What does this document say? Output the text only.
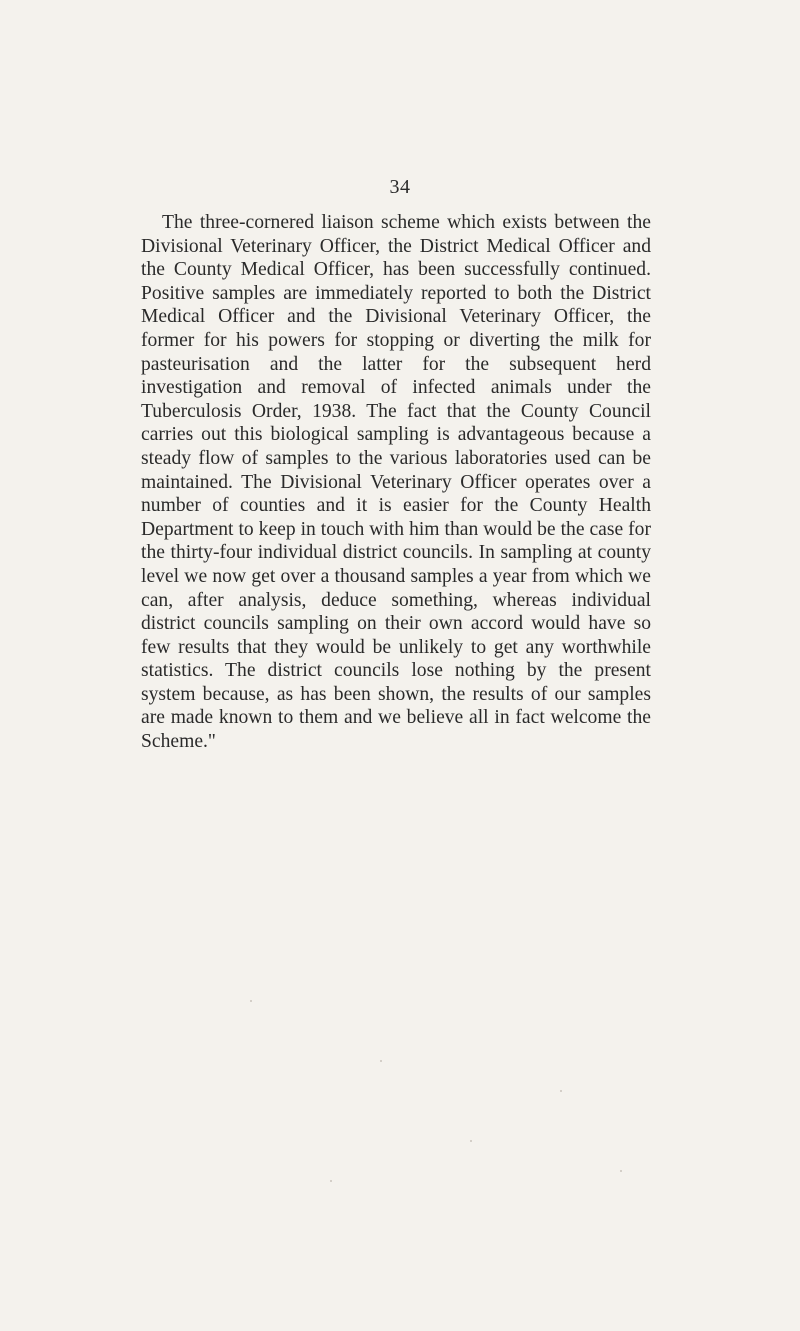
34

The three-cornered liaison scheme which exists between the Divisional Veterinary Officer, the District Medical Officer and the County Medical Officer, has been successfully continued. Positive samples are immediately reported to both the District Medical Officer and the Divisional Veterinary Officer, the former for his powers for stopping or diverting the milk for pasteurisation and the latter for the subsequent herd investigation and removal of infected animals under the Tuberculosis Order, 1938. The fact that the County Council carries out this biological sampling is advantageous because a steady flow of samples to the various laboratories used can be maintained. The Divisional Veterinary Officer operates over a number of counties and it is easier for the County Health Department to keep in touch with him than would be the case for the thirty-four individual district councils. In sampling at county level we now get over a thousand samples a year from which we can, after analysis, deduce something, whereas individual district councils sampling on their own accord would have so few results that they would be unlikely to get any worthwhile statistics. The district councils lose nothing by the present system because, as has been shown, the results of our samples are made known to them and we believe all in fact welcome the Scheme."
